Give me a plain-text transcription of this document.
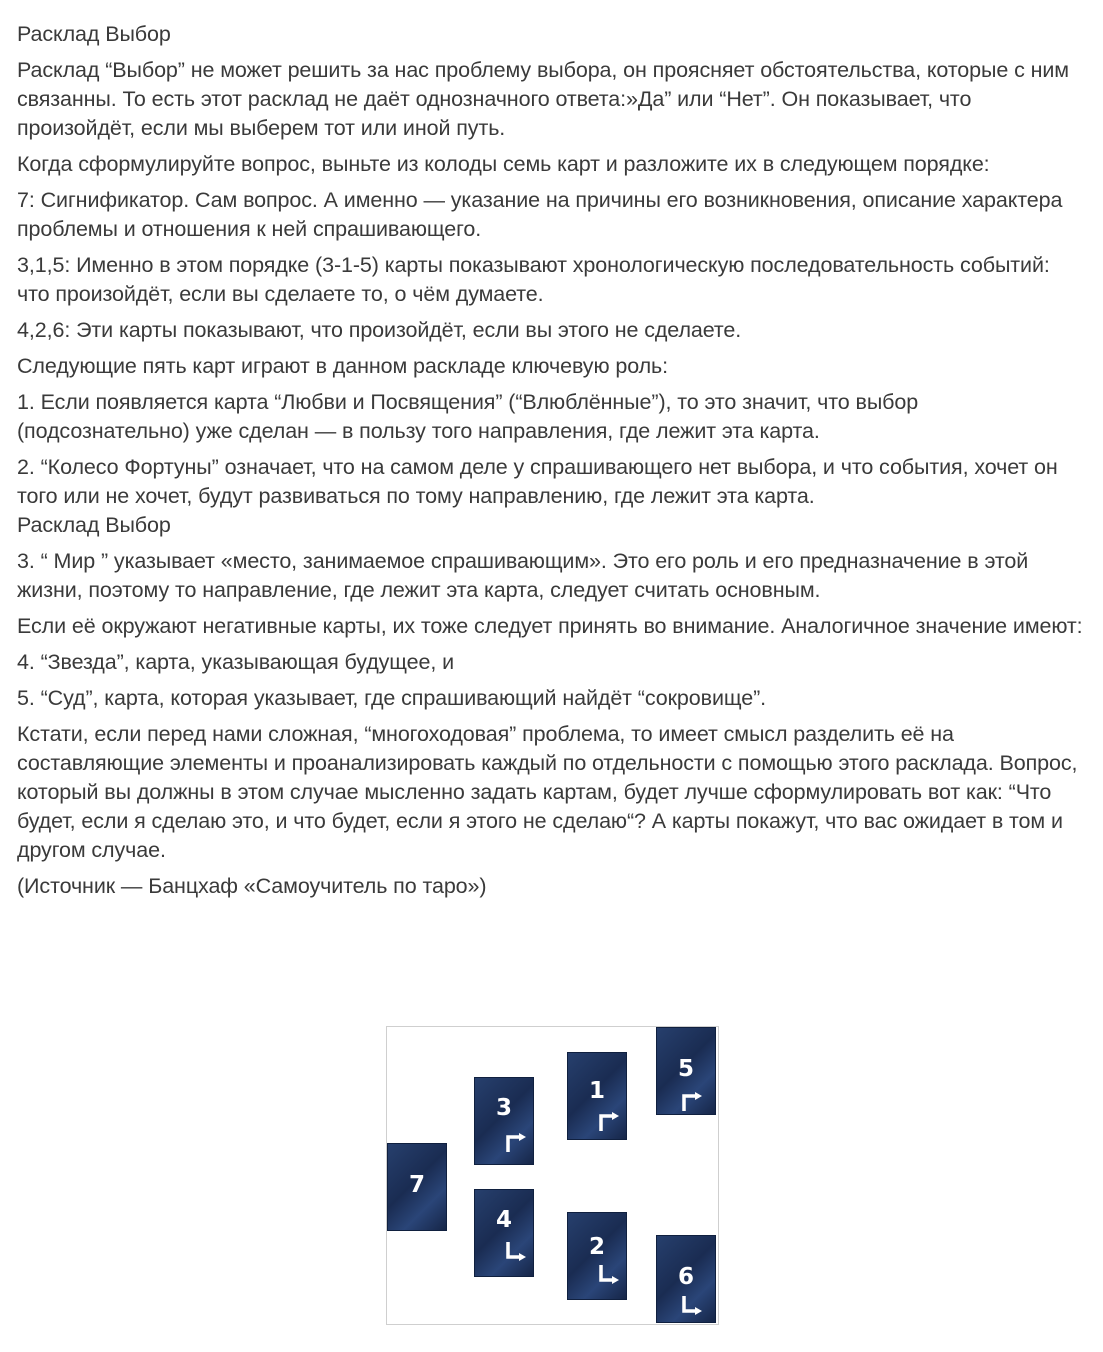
Расклад Выбор
Расклад “Выбор” не может решить за нас проблему выбора, он проясняет обстоятельства, которые с ним связанны. То есть этот расклад не даёт однозначного ответа:»Да” или “Нет”. Он показывает, что произойдёт, если мы выберем тот или иной путь.
Когда сформулируйте вопрос, выньте из колоды семь карт и разложите их в следующем порядке:
7: Сигнификатор. Сам вопрос. А именно — указание на причины его возникновения, описание характера проблемы и отношения к ней спрашивающего.
3,1,5: Именно в этом порядке (3-1-5) карты показывают хронологическую последовательность событий: что произойдёт, если вы сделаете то, о чём думаете.
4,2,6: Эти карты показывают, что произойдёт, если вы этого не сделаете.
Следующие пять карт играют в данном раскладе ключевую роль:
1. Если появляется карта “Любви и Посвящения” (“Влюблённые”), то это значит, что выбор (подсознательно) уже сделан — в пользу того направления, где лежит эта карта.
2. “Колесо Фортуны” означает, что на самом деле у спрашивающего нет выбора, и что события, хочет он того или не хочет, будут развиваться по тому направлению, где лежит эта карта.
Расклад Выбор
3. “ Мир ” указывает «место, занимаемое спрашивающим». Это его роль и его предназначение в этой жизни, поэтому то направление, где лежит эта карта, следует считать основным.
Если её окружают негативные карты, их тоже следует принять во внимание. Аналогичное значение имеют:
4. “Звезда”, карта, указывающая будущее, и
5. “Суд”, карта, которая указывает, где спрашивающий найдёт “сокровище”.
Кстати, если перед нами сложная, “многоходовая” проблема, то имеет смысл разделить её на составляющие элементы и проанализировать каждый по отдельности с помощью этого расклада. Вопрос, который вы должны в этом случае мысленно задать картам, будет лучше сформулировать вот как: “Что будет, если я сделаю это, и что будет, если я этого не сделаю“? А карты покажут, что вас ожидает в том и другом случае.
(Источник — Банцхаф «Самоучитель по таро»)
7
3
4
1
2
5
6
